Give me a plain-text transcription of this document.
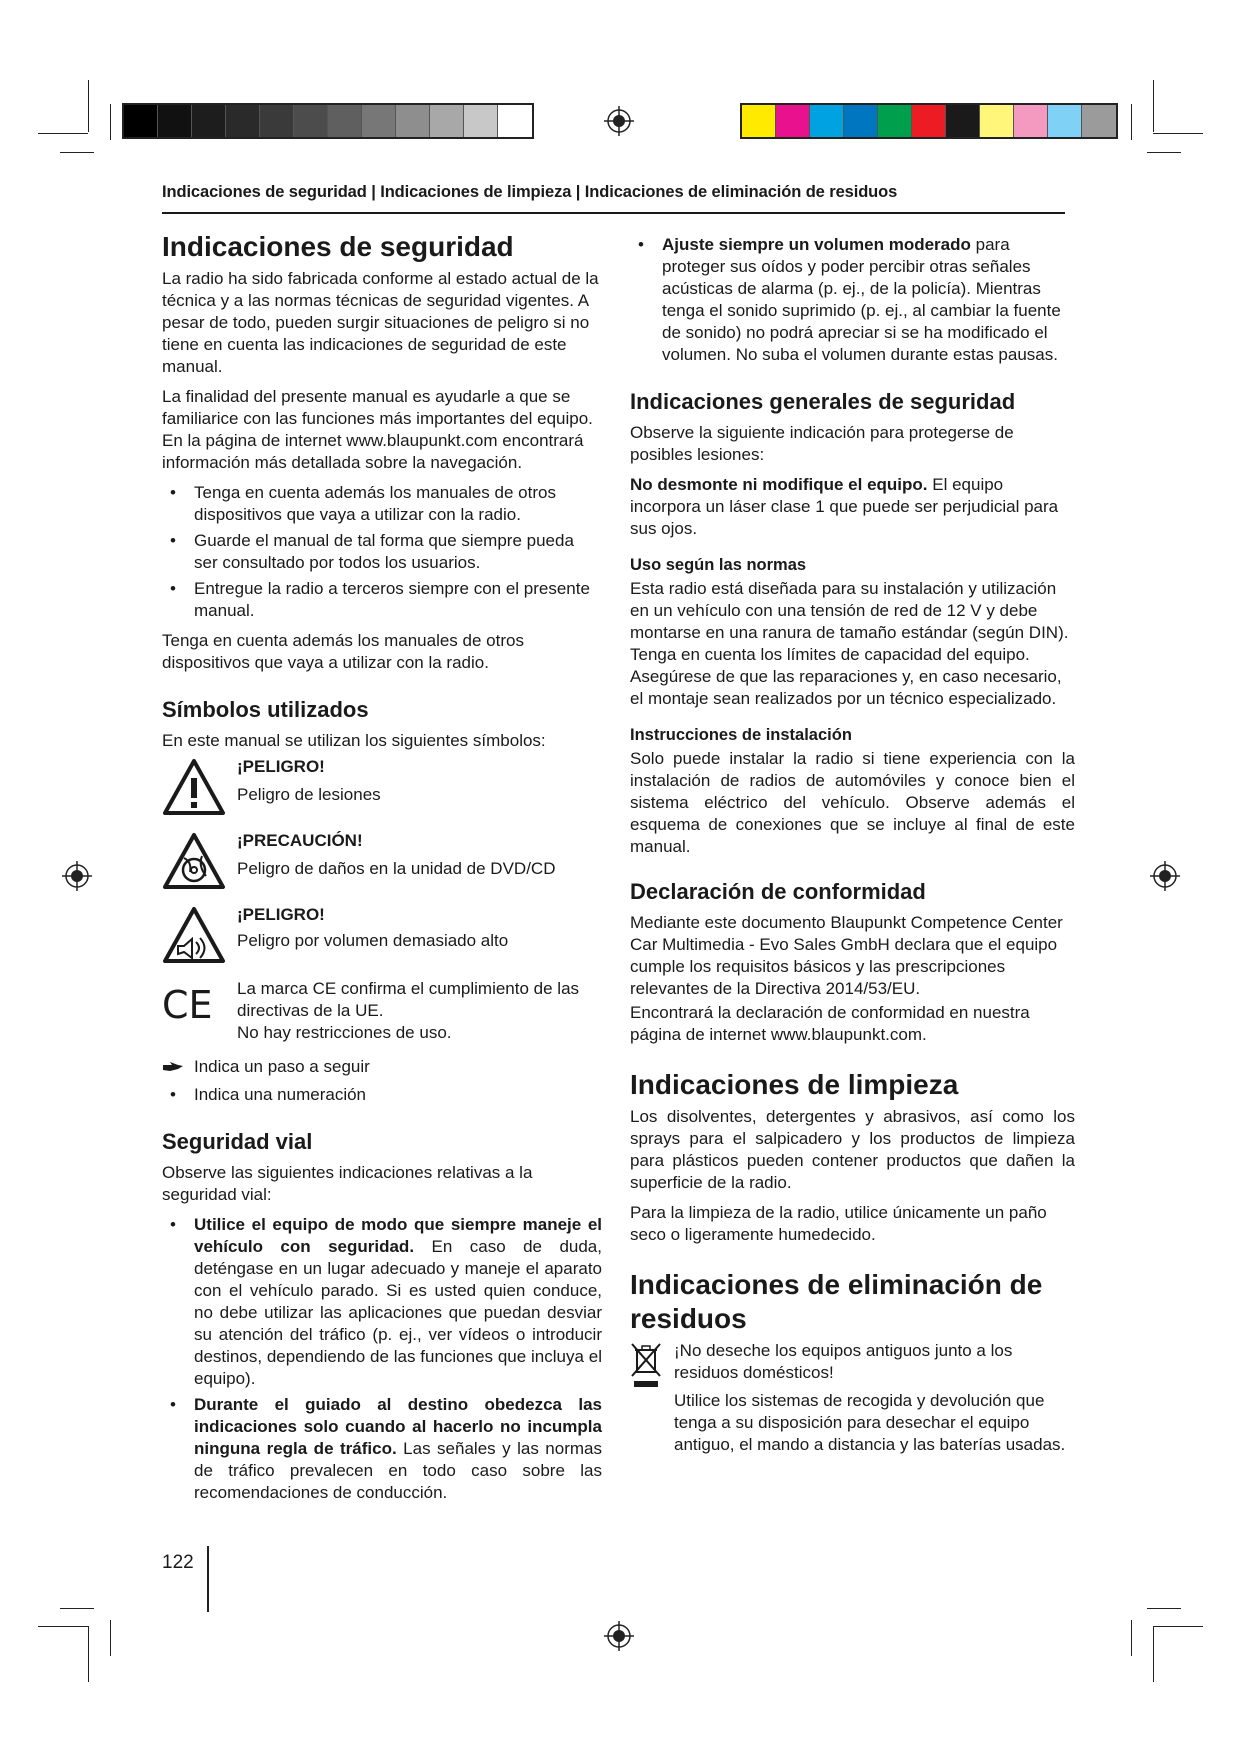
Indicaciones de seguridad | Indicaciones de limpieza | Indicaciones de eliminación de residuos
Indicaciones de seguridad

La radio ha sido fabricada conforme al estado actual de la técnica y a las normas técnicas de seguridad vigentes. A pesar de todo, pueden surgir situaciones de peligro si no tiene en cuenta las indicaciones de seguridad de este manual.

La finalidad del presente manual es ayudarle a que se familiarice con las funciones más importantes del equipo. En la página de internet www.blaupunkt.com encontrará información más detallada sobre la navegación.

• Tenga en cuenta además los manuales de otros dispositivos que vaya a utilizar con la radio.
• Guarde el manual de tal forma que siempre pueda ser consultado por todos los usuarios.
• Entregue la radio a terceros siempre con el presente manual.

Tenga en cuenta además los manuales de otros dispositivos que vaya a utilizar con la radio.

Símbolos utilizados

En este manual se utilizan los siguientes símbolos:

¡PELIGRO!
Peligro de lesiones
¡PRECAUCIÓN!
Peligro de daños en la unidad de DVD/CD
¡PELIGRO!
Peligro por volumen demasiado alto
CE	La marca CE confirma el cumplimiento de las directivas de la UE.
No hay restricciones de uso.
Indica un paso a seguir
• Indica una numeración
Seguridad vial

Observe las siguientes indicaciones relativas a la seguridad vial:

• Utilice el equipo de modo que siempre maneje el vehículo con seguridad. En caso de duda, deténgase en un lugar adecuado y maneje el aparato con el vehículo parado. Si es usted quien conduce, no debe utilizar las aplicaciones que puedan desviar su atención del tráfico (p. ej., ver vídeos o introducir destinos, dependiendo de las funciones que incluya el equipo).
• Durante el guiado al destino obedezca las indicaciones solo cuando al hacerlo no incumpla ninguna regla de tráfico. Las señales y las normas de tráfico prevalecen en todo caso sobre las recomendaciones de conducción.
• Ajuste siempre un volumen moderado para proteger sus oídos y poder percibir otras señales acústicas de alarma (p. ej., de la policía). Mientras tenga el sonido suprimido (p. ej., al cambiar la fuente de sonido) no podrá apreciar si se ha modificado el volumen. No suba el volumen durante estas pausas.
Indicaciones generales de seguridad

Observe la siguiente indicación para protegerse de posibles lesiones:

No desmonte ni modifique el equipo. El equipo incorpora un láser clase 1 que puede ser perjudicial para sus ojos.

Uso según las normas

Esta radio está diseñada para su instalación y utilización en un vehículo con una tensión de red de 12 V y debe montarse en una ranura de tamaño estándar (según DIN). Tenga en cuenta los límites de capacidad del equipo. Asegúrese de que las reparaciones y, en caso necesario, el montaje sean realizados por un técnico especializado.

Instrucciones de instalación

Solo puede instalar la radio si tiene experiencia con la instalación de radios de automóviles y conoce bien el sistema eléctrico del vehículo. Observe además el esquema de conexiones que se incluye al final de este manual.

Declaración de conformidad

Mediante este documento Blaupunkt Competence Center Car Multimedia - Evo Sales GmbH declara que el equipo cumple los requisitos básicos y las prescripciones relevantes de la Directiva 2014/53/EU.

Encontrará la declaración de conformidad en nuestra página de internet www.blaupunkt.com.

Indicaciones de limpieza

Los disolventes, detergentes y abrasivos, así como los sprays para el salpicadero y los productos de limpieza para plásticos pueden contener productos que dañen la superficie de la radio.

Para la limpieza de la radio, utilice únicamente un paño seco o ligeramente humedecido.

Indicaciones de eliminación de residuos

¡No deseche los equipos antiguos junto a los residuos domésticos!

Utilice los sistemas de recogida y devolución que tenga a su disposición para desechar el equipo antiguo, el mando a distancia y las baterías usadas.

122
